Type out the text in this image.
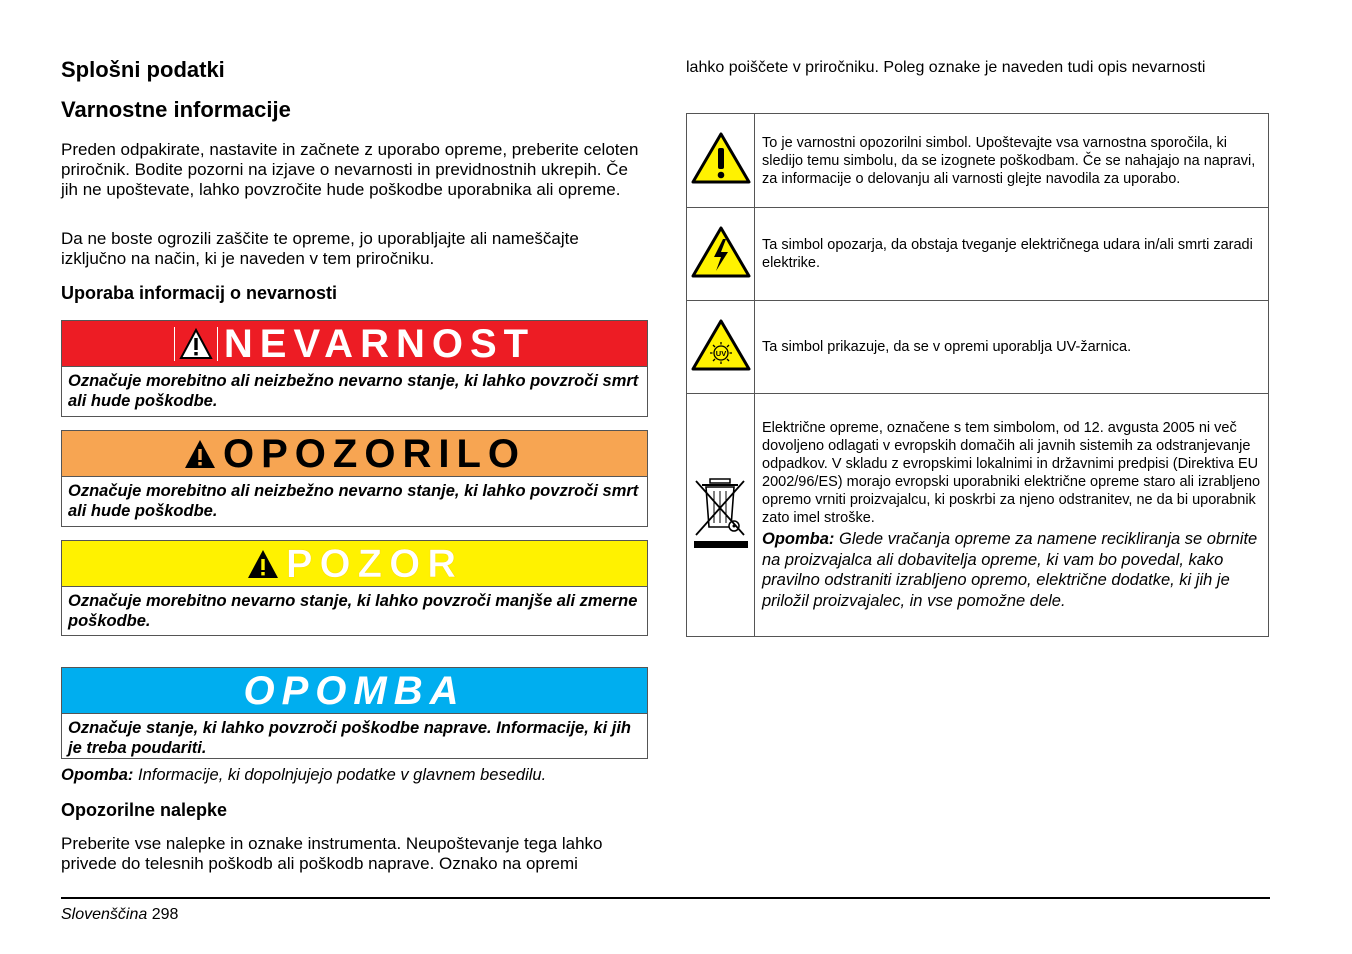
Splošni podatki
Varnostne informacije
Preden odpakirate, nastavite in začnete z uporabo opreme, preberite celoten priročnik. Bodite pozorni na izjave o nevarnosti in previdnostnih ukrepih. Če jih ne upoštevate, lahko povzročite hude poškodbe uporabnika ali opreme.
Da ne boste ogrozili zaščite te opreme, jo uporabljajte ali nameščajte izključno na način, ki je naveden v tem priročniku.
Uporaba informacij o nevarnosti
NEVARNOST
Označuje morebitno ali neizbežno nevarno stanje, ki lahko povzroči smrt ali hude poškodbe.
OPOZORILO
Označuje morebitno ali neizbežno nevarno stanje, ki lahko povzroči smrt ali hude poškodbe.
POZOR
Označuje morebitno nevarno stanje, ki lahko povzroči manjše ali zmerne poškodbe.
OPOMBA
Označuje stanje, ki lahko povzroči poškodbe naprave. Informacije, ki jih je treba poudariti.
Opomba: Informacije, ki dopolnjujejo podatke v glavnem besedilu.
Opozorilne nalepke
Preberite vse nalepke in oznake instrumenta. Neupoštevanje tega lahko privede do telesnih poškodb ali poškodb naprave. Oznako na opremi
lahko poiščete v priročniku. Poleg oznake je naveden tudi opis nevarnosti
	To je varnostni opozorilni simbol. Upoštevajte vsa varnostna sporočila, ki sledijo temu simbolu, da se izognete poškodbam. Če se nahajajo na napravi, za informacije o delovanju ali varnosti glejte navodila za uporabo.
	Ta simbol opozarja, da obstaja tveganje električnega udara in/ali smrti zaradi elektrike.

UV	Ta simbol prikazuje, da se v opremi uporablja UV-žarnica.

Električne opreme, označene s tem simbolom, od 12. avgusta 2005 ni več dovoljeno odlagati v evropskih domačih ali javnih sistemih za odstranjevanje odpadkov. V skladu z evropskimi lokalnimi in državnimi predpisi (Direktiva EU 2002/96/ES) morajo evropski uporabniki električne opreme staro ali izrabljeno opremo vrniti proizvajalcu, ki poskrbi za njeno odstranitev, ne da bi uporabnik zato imel stroške.
Opomba: Glede vračanja opreme za namene recikliranja se obrnite na proizvajalca ali dobavitelja opreme, ki vam bo povedal, kako pravilno odstraniti izrabljeno opremo, električne dodatke, ki jih je priložil proizvajalec, in vse pomožne dele.
Slovenščina 298
